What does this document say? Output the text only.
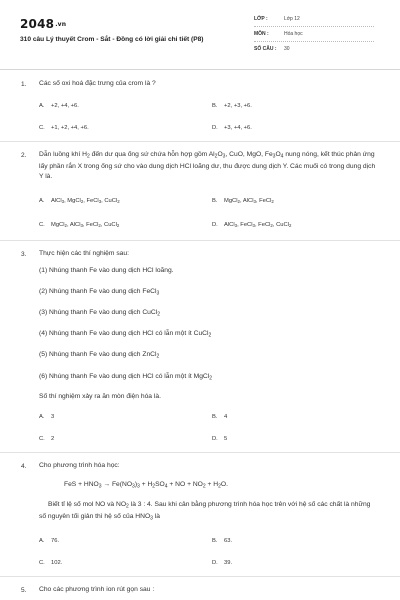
2048.vn
310 câu Lý thuyết Crom - Sắt - Đồng có lời giải chi tiết (P8)
LỚP :	Lớp 12
MÔN :	Hóa học
SỐ CÂU : 30
1. Các số oxi hoá đặc trưng của crom là ?
A. +2, +4, +6.	B. +2, +3, +6.
C. +1, +2, +4, +6.	D. +3, +4, +6.
2. Dẫn luồng khí $H_2$ đến dư qua ống sứ chứa hỗn hợp gồm $Al_2O_3$, CuO, MgO, $Fe_3O_4$ nung nóng, kết thúc phản ứng lấy phần rắn X trong ống sứ cho vào dung dịch HCl loãng dư, thu được dung dịch Y. Các muối có trong dung dịch Y là.
A. AlCl$_3$, MgCl$_2$, FeCl$_3$, CuCl$_2$	B. MgCl$_2$, AlCl$_3$, FeCl$_2$
C. MgCl$_2$, AlCl$_3$, FeCl$_2$, CuCl$_2$	D. AlCl$_3$, FeCl$_3$, FeCl$_2$, CuCl$_2$
3. Thực hiện các thí nghiệm sau:
(1) Nhúng thanh Fe vào dung dịch HCl loãng.
(2) Nhúng thanh Fe vào dung dịch FeCl$_3$
(3) Nhúng thanh Fe vào dung dịch CuCl$_2$
(4) Nhúng thanh Fe vào dung dịch HCl có lẫn một ít CuCl$_2$
(5) Nhúng thanh Fe vào dung dịch ZnCl$_2$
(6) Nhúng thanh Fe vào dung dịch HCl có lẫn một ít MgCl$_2$
Số thí nghiệm xảy ra ăn mòn điện hóa là.
A. 3	B. 4
C. 2	D. 5
4. Cho phương trình hóa học:
FeS + $HNO_3 \to Fe(NO_3)_3 + H_2SO_4$ + NO + $NO_2 + H_2O$.
Biết tỉ lệ số mol NO và $NO_2$ là 3 : 4. Sau khi cân bằng phương trình hóa học trên với hệ số các chất là những số nguyên tối giản thì hệ số của $HNO_3$ là
A. 76.	B. 63.
C. 102.	D. 39.
5. Cho các phương trình ion rút gọn sau :
